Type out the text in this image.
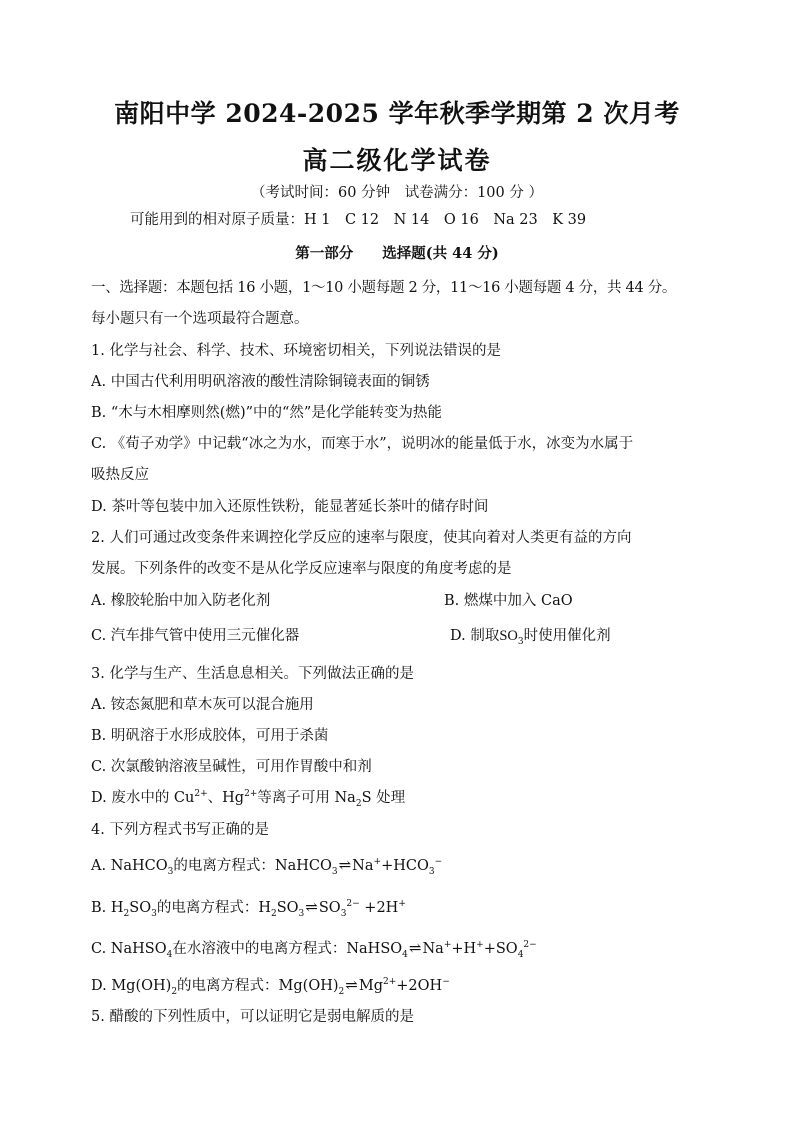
南阳中学 2024-2025 学年秋季学期第 2 次月考
高二级化学试卷
（考试时间：60 分钟　试卷满分：100 分 ）
可能用到的相对原子质量：H 1　C 12　N 14　O 16　Na 23　K 39
第一部分　　选择题(共 44 分)
一、选择题：本题包括 16 小题，1～10 小题每题 2 分，11～16 小题每题 4 分，共 44 分。
每小题只有一个选项最符合题意。
1. 化学与社会、科学、技术、环境密切相关，下列说法错误的是
A. 中国古代利用明矾溶液的酸性清除铜镜表面的铜锈
B. “木与木相摩则然(燃)”中的“然”是化学能转变为热能
C. 《荀子劝学》中记载“冰之为水，而寒于水”，说明冰的能量低于水，冰变为水属于
吸热反应
D. 茶叶等包装中加入还原性铁粉，能显著延长茶叶的储存时间
2. 人们可通过改变条件来调控化学反应的速率与限度，使其向着对人类更有益的方向
发展。下列条件的改变不是从化学反应速率与限度的角度考虑的是
A. 橡胶轮胎中加入防老化剂	B. 燃煤中加入 CaO
C. 汽车排气管中使用三元催化器	D. 制取$SO_3$时使用催化剂
3. 化学与生产、生活息息相关。下列做法正确的是
A. 铵态氮肥和草木灰可以混合施用
B. 明矾溶于水形成胶体，可用于杀菌
C. 次氯酸钠溶液呈碱性，可用作胃酸中和剂
D. 废水中的 $Cu^{2+}$、$Hg^{2+}$等离子可用 $Na_2S$ 处理
4. 下列方程式书写正确的是
A. NaHCO$_3$的电离方程式：$NaHCO_3\rightleftharpoons Na^++HCO_3^-$
B. $H_2SO_3$的电离方程式：$H_2SO_3\rightleftharpoons SO_3^{2-} +2H^+$
C. NaHSO$_4$在水溶液中的电离方程式：$NaHSO_4\rightleftharpoons Na^++H^++SO_4^{2-}$
D. $Mg(OH)_2$的电离方程式：$Mg(OH)_2\rightleftharpoons Mg^{2+}+2OH^-$
5. 醋酸的下列性质中，可以证明它是弱电解质的是
